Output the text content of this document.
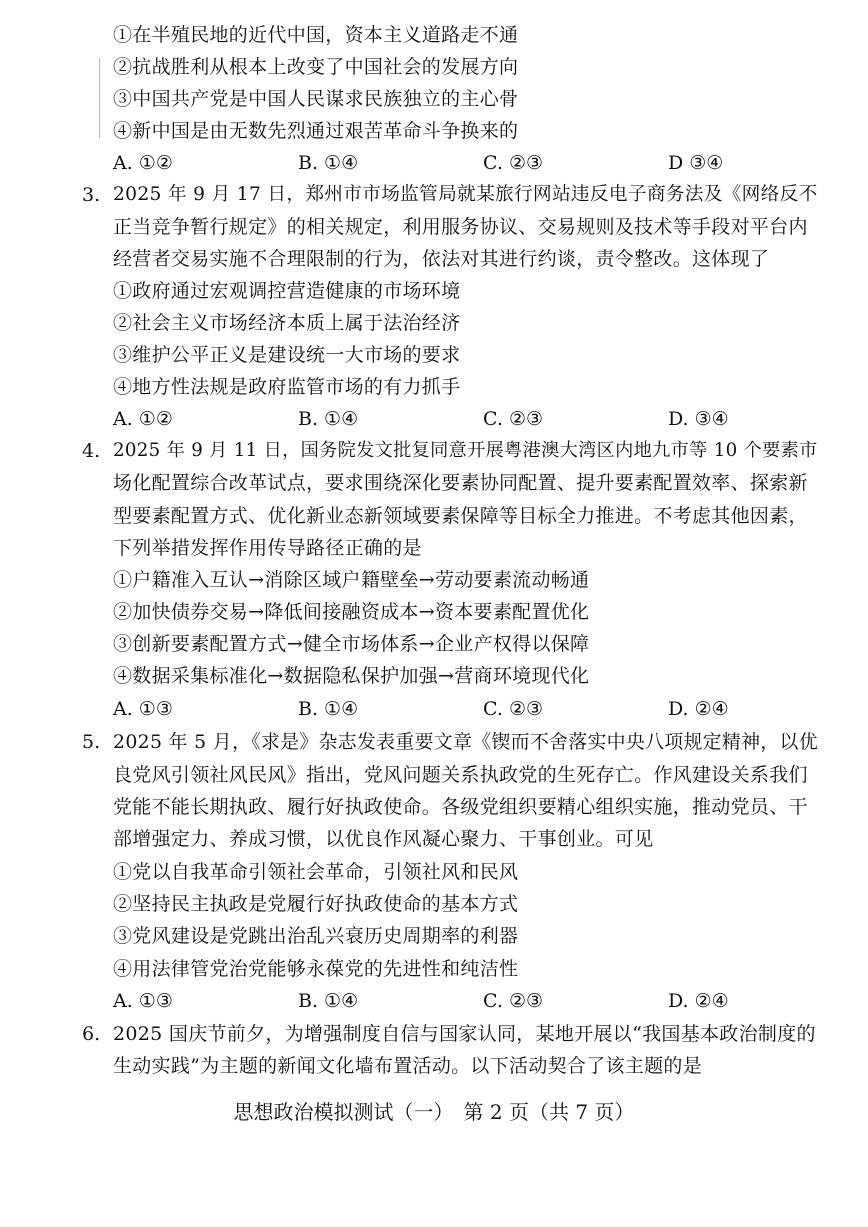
①在半殖民地的近代中国，资本主义道路走不通
②抗战胜利从根本上改变了中国社会的发展方向
③中国共产党是中国人民谋求民族独立的主心骨
④新中国是由无数先烈通过艰苦革命斗争换来的
A. ①②	B. ①④	C. ②③	D ③④
3. 2025 年 9 月 17 日，郑州市市场监管局就某旅行网站违反电子商务法及《网络反不
正当竞争暂行规定》的相关规定，利用服务协议、交易规则及技术等手段对平台内
经营者交易实施不合理限制的行为，依法对其进行约谈，责令整改。这体现了
①政府通过宏观调控营造健康的市场环境
②社会主义市场经济本质上属于法治经济
③维护公平正义是建设统一大市场的要求
④地方性法规是政府监管市场的有力抓手
A. ①②	B. ①④	C. ②③	D. ③④
4. 2025 年 9 月 11 日，国务院发文批复同意开展粤港澳大湾区内地九市等 10 个要素市
场化配置综合改革试点，要求围绕深化要素协同配置、提升要素配置效率、探索新
型要素配置方式、优化新业态新领域要素保障等目标全力推进。不考虑其他因素，
下列举措发挥作用传导路径正确的是
①户籍准入互认→消除区域户籍壁垒→劳动要素流动畅通
②加快债券交易→降低间接融资成本→资本要素配置优化
③创新要素配置方式→健全市场体系→企业产权得以保障
④数据采集标准化→数据隐私保护加强→营商环境现代化
A. ①③	B. ①④	C. ②③	D. ②④
5. 2025 年 5 月，《求是》杂志发表重要文章《锲而不舍落实中央八项规定精神，以优
良党风引领社风民风》指出，党风问题关系执政党的生死存亡。作风建设关系我们
党能不能长期执政、履行好执政使命。各级党组织要精心组织实施，推动党员、干
部增强定力、养成习惯，以优良作风凝心聚力、干事创业。可见
①党以自我革命引领社会革命，引领社风和民风
②坚持民主执政是党履行好执政使命的基本方式
③党风建设是党跳出治乱兴衰历史周期率的利器
④用法律管党治党能够永葆党的先进性和纯洁性
A. ①③	B. ①④	C. ②③	D. ②④
6. 2025 国庆节前夕，为增强制度自信与国家认同，某地开展以“我国基本政治制度的
生动实践”为主题的新闻文化墙布置活动。以下活动契合了该主题的是
思想政治模拟测试（一）　第 2 页（共 7 页）
